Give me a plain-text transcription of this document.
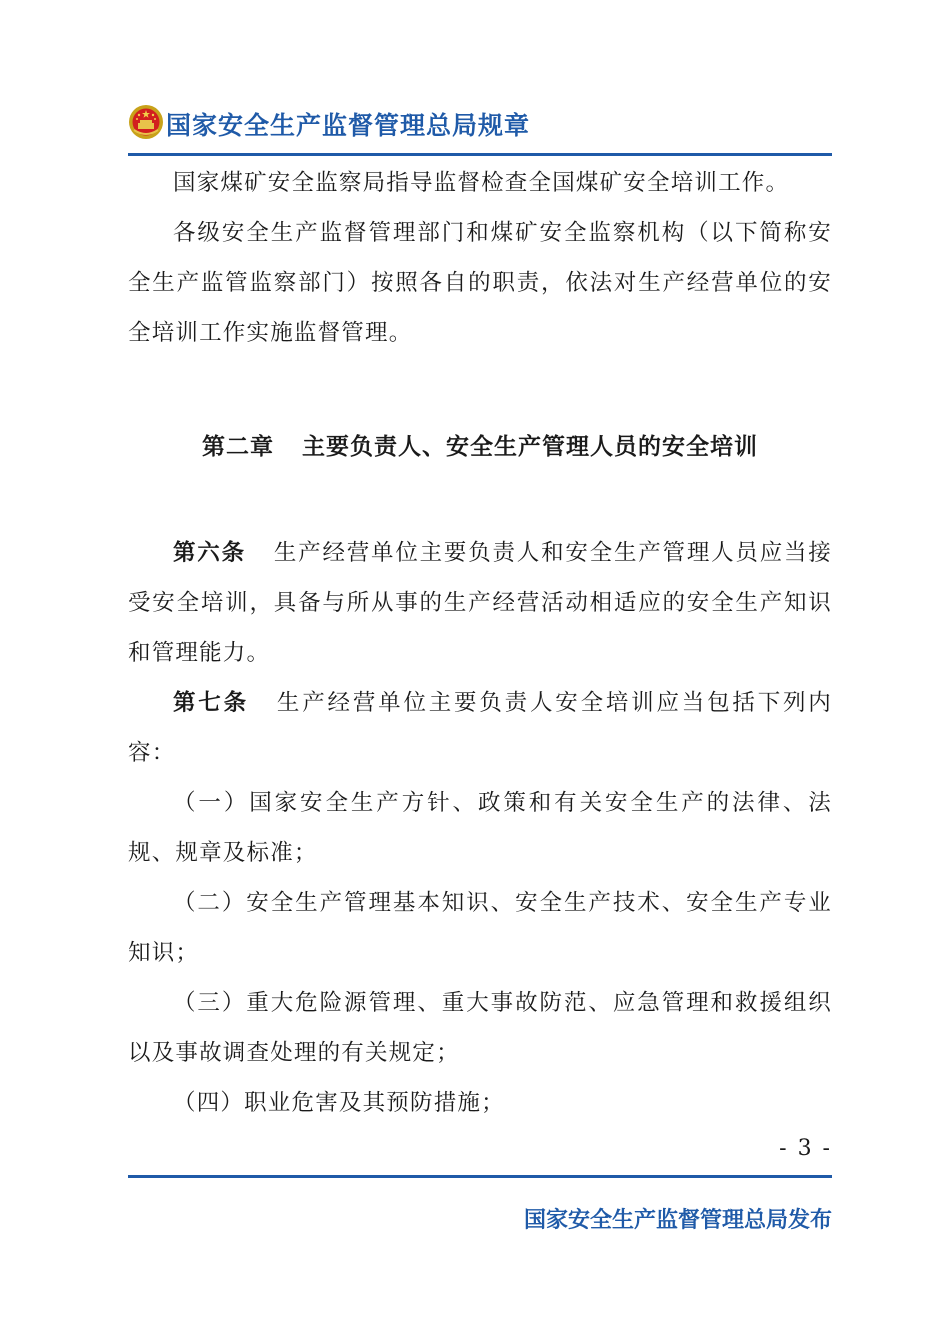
国家安全生产监督管理总局规章

国家煤矿安全监察局指导监督检查全国煤矿安全培训工作。

各级安全生产监督管理部门和煤矿安全监察机构（以下简称安全生产监管监察部门）按照各自的职责，依法对生产经营单位的安全培训工作实施监督管理。

第二章 主要负责人、安全生产管理人员的安全培训

第六条 生产经营单位主要负责人和安全生产管理人员应当接受安全培训，具备与所从事的生产经营活动相适应的安全生产知识和管理能力。

第七条 生产经营单位主要负责人安全培训应当包括下列内容：

（一）国家安全生产方针、政策和有关安全生产的法律、法规、规章及标准；

（二）安全生产管理基本知识、安全生产技术、安全生产专业知识；

（三）重大危险源管理、重大事故防范、应急管理和救援组织以及事故调查处理的有关规定；

（四）职业危害及其预防措施；

- 3 -
国家安全生产监督管理总局发布
